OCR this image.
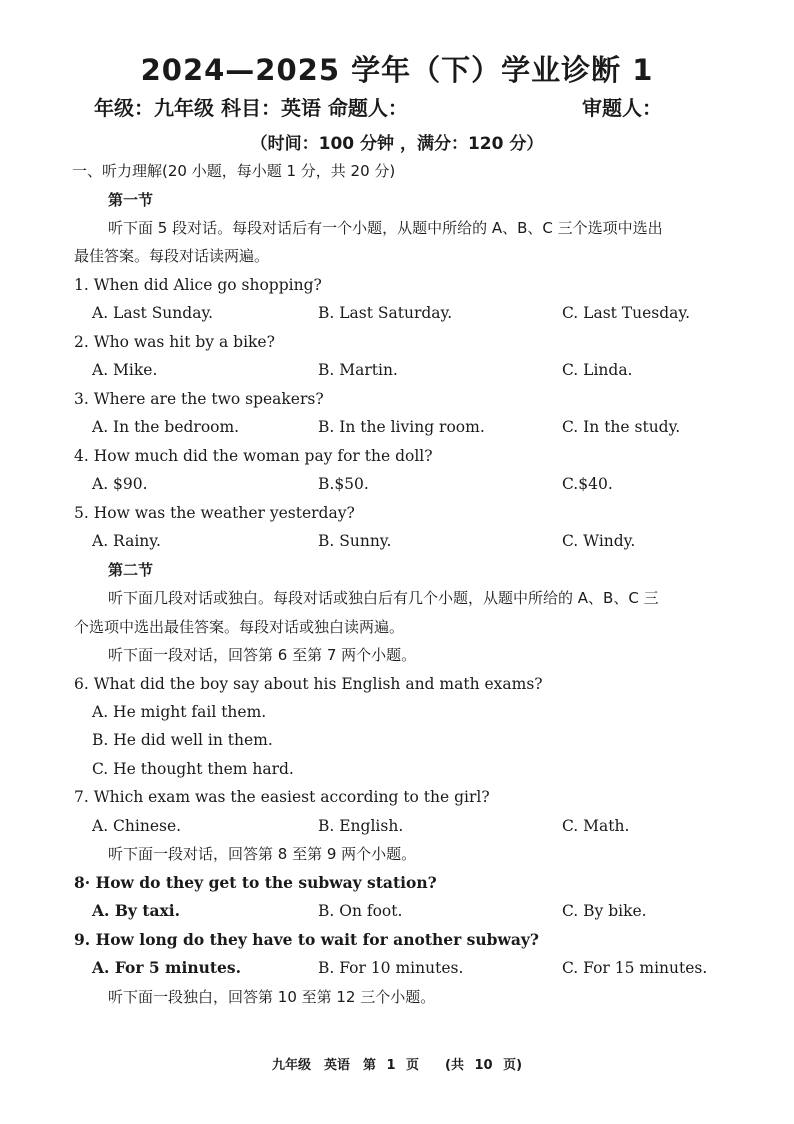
2024—2025 学年（下）学业诊断 1
年级：九年级 科目：英语 命题人：	审题人：
（时间：100 分钟 ，满分：120 分）
一、听力理解(20 小题，每小题 1 分，共 20 分)
第一节
听下面 5 段对话。每段对话后有一个小题，从题中所给的 A、B、C 三个选项中选出
最佳答案。每段对话读两遍。
1. When did Alice go shopping?
A. Last Sunday.	B. Last Saturday.	C. Last Tuesday.
2. Who was hit by a bike?
A. Mike.	B. Martin.	C. Linda.
3. Where are the two speakers?
A. In the bedroom.	B. In the living room.	C. In the study.
4. How much did the woman pay for the doll?
A. $90.	B.$50.	C.$40.
5. How was the weather yesterday?
A. Rainy.	B. Sunny.	C. Windy.
第二节
听下面几段对话或独白。每段对话或独白后有几个小题，从题中所给的 A、B、C 三
个选项中选出最佳答案。每段对话或独白读两遍。
听下面一段对话，回答第 6 至第 7 两个小题。
6. What did the boy say about his English and math exams?
A. He might fail them.
B. He did well in them.
C. He thought them hard.
7. Which exam was the easiest according to the girl?
A. Chinese.	B. English.	C. Math.
听下面一段对话，回答第 8 至第 9 两个小题。
8· How do they get to the subway station?
A. By taxi.	B. On foot.	C. By bike.
9. How long do they have to wait for another subway?
A. For 5 minutes.	B. For 10 minutes.	C. For 15 minutes.
听下面一段独白，回答第 10 至第 12 三个小题。
九年级　英语　第 1 页　　(共 10 页)
